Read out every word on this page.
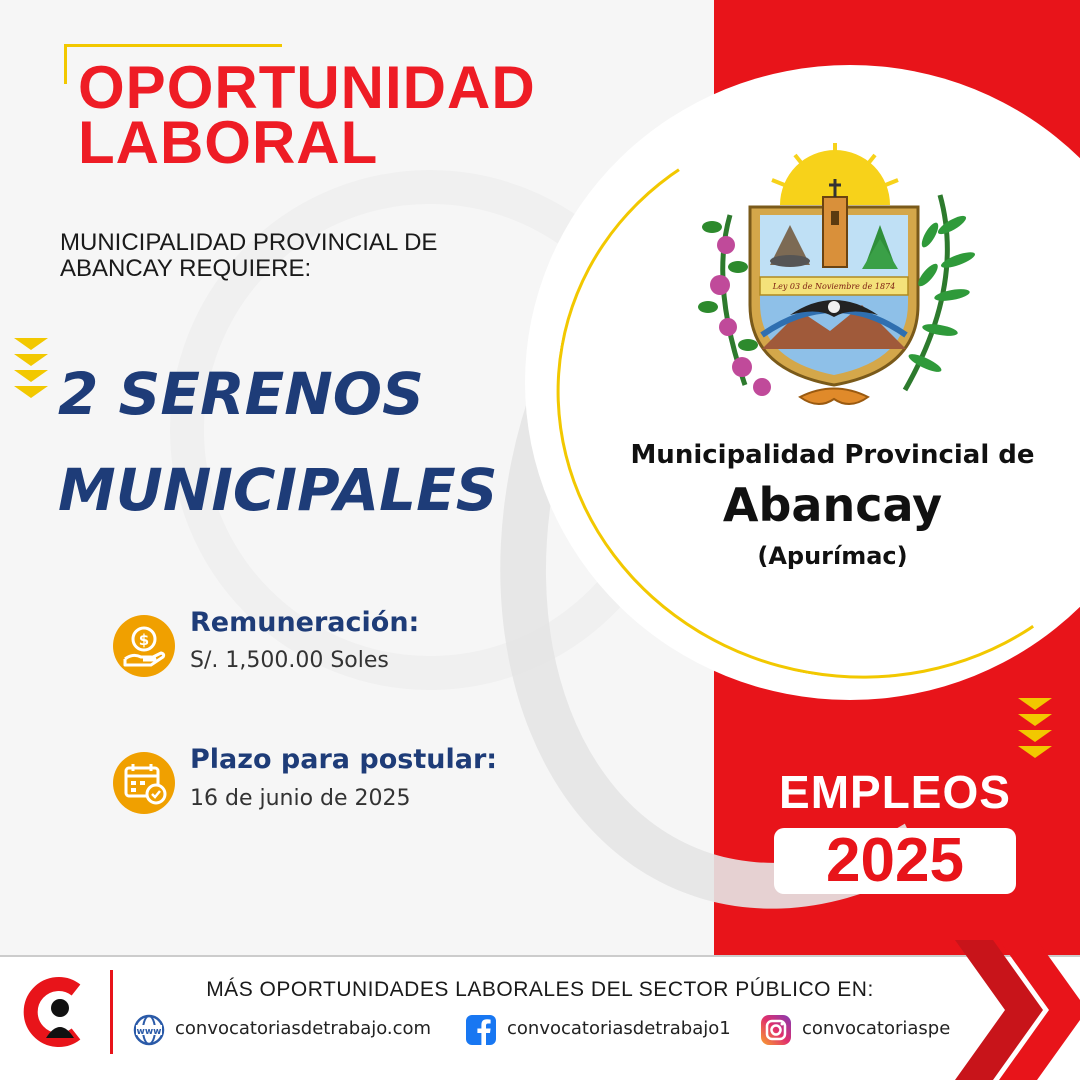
OPORTUNIDAD
LABORAL
MUNICIPALIDAD PROVINCIAL DE ABANCAY REQUIERE:
2 SERENOS
MUNICIPALES
$
Remuneración:
S/. 1,500.00 Soles
Plazo para postular:
16 de junio de 2025
Ley 03 de Noviembre de 1874
Municipalidad Provincial de
Abancay
(Apurímac)
EMPLEOS
2025
MÁS OPORTUNIDADES LABORALES DEL SECTOR PÚBLICO EN:
www convocatoriasdetrabajo.com	convocatoriasdetrabajo1	convocatoriaspe
